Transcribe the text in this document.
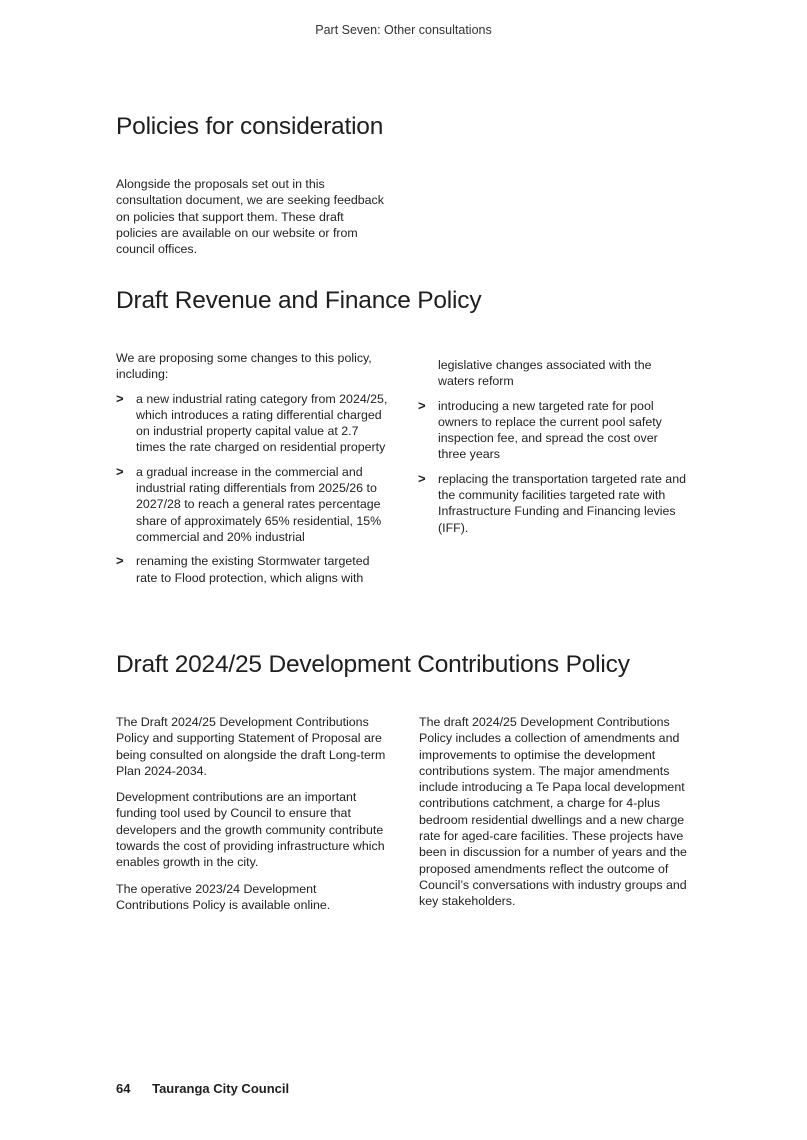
Part Seven: Other consultations
Policies for consideration

Alongside the proposals set out in this consultation document, we are seeking feedback on policies that support them. These draft policies are available on our website or from council offices.

Draft Revenue and Finance Policy

We are proposing some changes to this policy, including:

> a new industrial rating category from 2024/25, which introduces a rating differential charged on industrial property capital value at 2.7 times the rate charged on residential property
> a gradual increase in the commercial and industrial rating differentials from 2025/26 to 2027/28 to reach a general rates percentage share of approximately 65% residential, 15% commercial and 20% industrial
> renaming the existing Stormwater targeted rate to Flood protection, which aligns with

legislative changes associated with the waters reform

> introducing a new targeted rate for pool owners to replace the current pool safety inspection fee, and spread the cost over three years
> replacing the transportation targeted rate and the community facilities targeted rate with Infrastructure Funding and Financing levies (IFF).
Draft 2024/25 Development Contributions Policy

The Draft 2024/25 Development Contributions Policy and supporting Statement of Proposal are being consulted on alongside the draft Long-term Plan 2024-2034.

Development contributions are an important funding tool used by Council to ensure that developers and the growth community contribute towards the cost of providing infrastructure which enables growth in the city.

The operative 2023/24 Development Contributions Policy is available online.

The draft 2024/25 Development Contributions Policy includes a collection of amendments and improvements to optimise the development contributions system. The major amendments include introducing a Te Papa local development contributions catchment, a charge for 4-plus bedroom residential dwellings and a new charge rate for aged-care facilities. These projects have been in discussion for a number of years and the proposed amendments reflect the outcome of Council’s conversations with industry groups and key stakeholders.

64 Tauranga City Council
